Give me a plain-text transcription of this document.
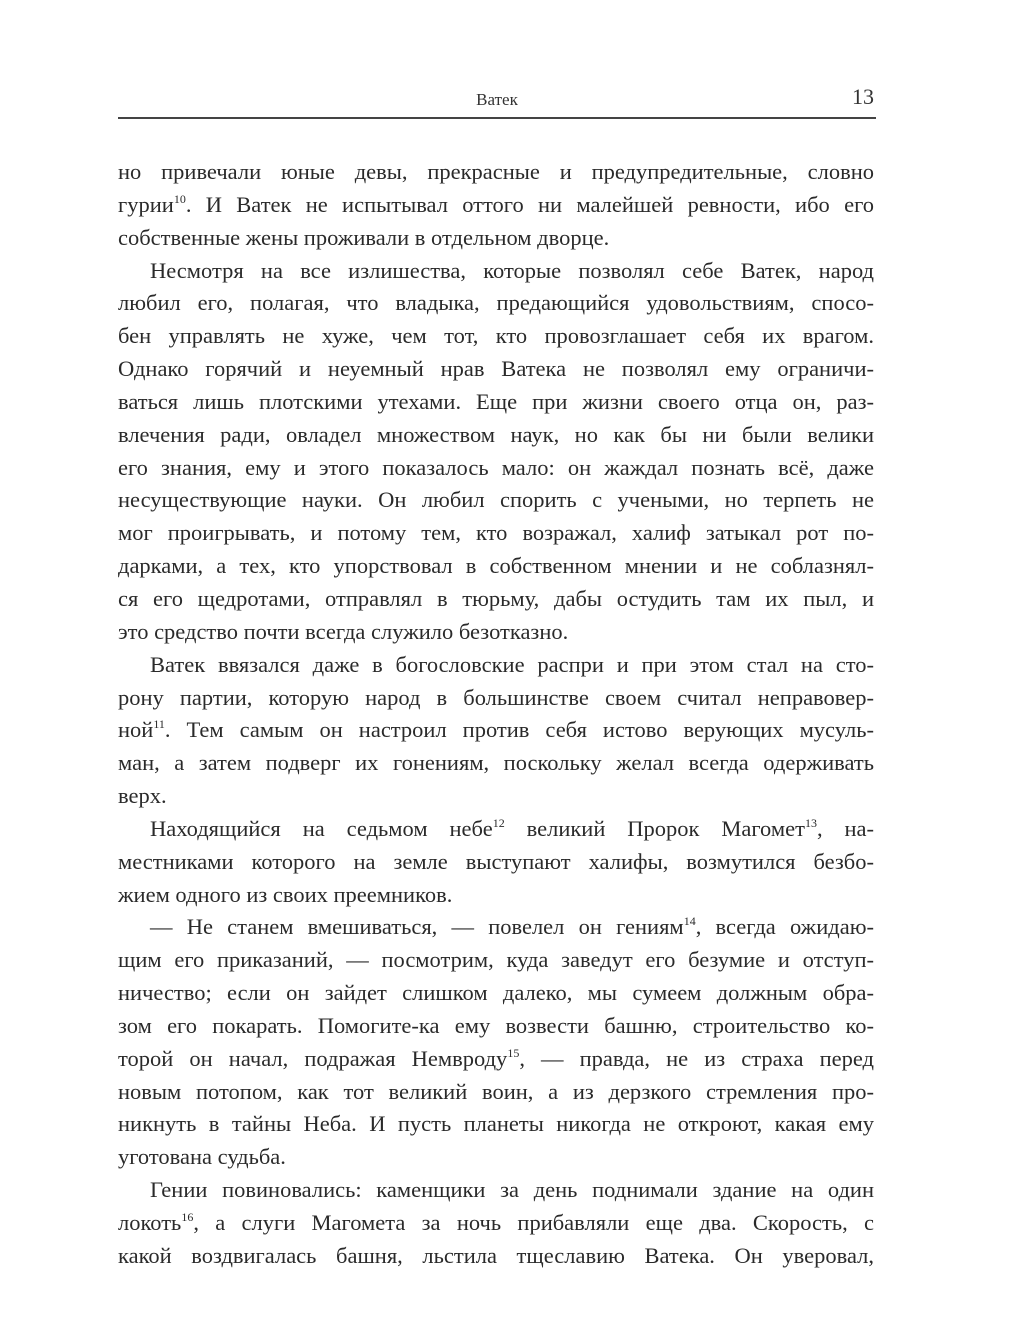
Ватек	13
но привечали юные девы, прекрасные и предупредительные, словно
гурии$^{10}$. И Ватек не испытывал оттого ни малейшей ревности, ибо его
собственные жены проживали в отдельном дворце.
Несмотря на все излишества, которые позволял себе Ватек, народ
любил его, полагая, что владыка, предающийся удовольствиям, спосо-
бен управлять не хуже, чем тот, кто провозглашает себя их врагом.
Однако горячий и неуемный нрав Ватека не позволял ему ограничи-
ваться лишь плотскими утехами. Еще при жизни своего отца он, раз-
влечения ради, овладел множеством наук, но как бы ни были велики
его знания, ему и этого показалось мало: он жаждал познать всё, даже
несуществующие науки. Он любил спорить с учеными, но терпеть не
мог проигрывать, и потому тем, кто возражал, халиф затыкал рот по-
дарками, а тех, кто упорствовал в собственном мнении и не соблазнял-
ся его щедротами, отправлял в тюрьму, дабы остудить там их пыл, и
это средство почти всегда служило безотказно.
Ватек ввязался даже в богословские распри и при этом стал на сто-
рону партии, которую народ в большинстве своем считал неправовер-
ной$^{11}$. Тем самым он настроил против себя истово верующих мусуль-
ман, а затем подверг их гонениям, поскольку желал всегда одерживать
верх.
Находящийся на седьмом небе$^{12}$ великий Пророк Магомет$^{13}$, на-
местниками которого на земле выступают халифы, возмутился безбо-
жием одного из своих преемников.
— Не станем вмешиваться, — повелел он гениям$^{14}$, всегда ожидаю-
щим его приказаний, — посмотрим, куда заведут его безумие и отступ-
ничество; если он зайдет слишком далеко, мы сумеем должным обра-
зом его покарать. Помогите-ка ему возвести башню, строительство ко-
торой он начал, подражая Немвроду$^{15}$, — правда, не из страха перед
новым потопом, как тот великий воин, а из дерзкого стремления про-
никнуть в тайны Неба. И пусть планеты никогда не откроют, какая ему
уготована судьба.
Гении повиновались: каменщики за день поднимали здание на один
локоть$^{16}$, а слуги Магомета за ночь прибавляли еще два. Скорость, с
какой воздвигалась башня, льстила тщеславию Ватека. Он уверовал,
